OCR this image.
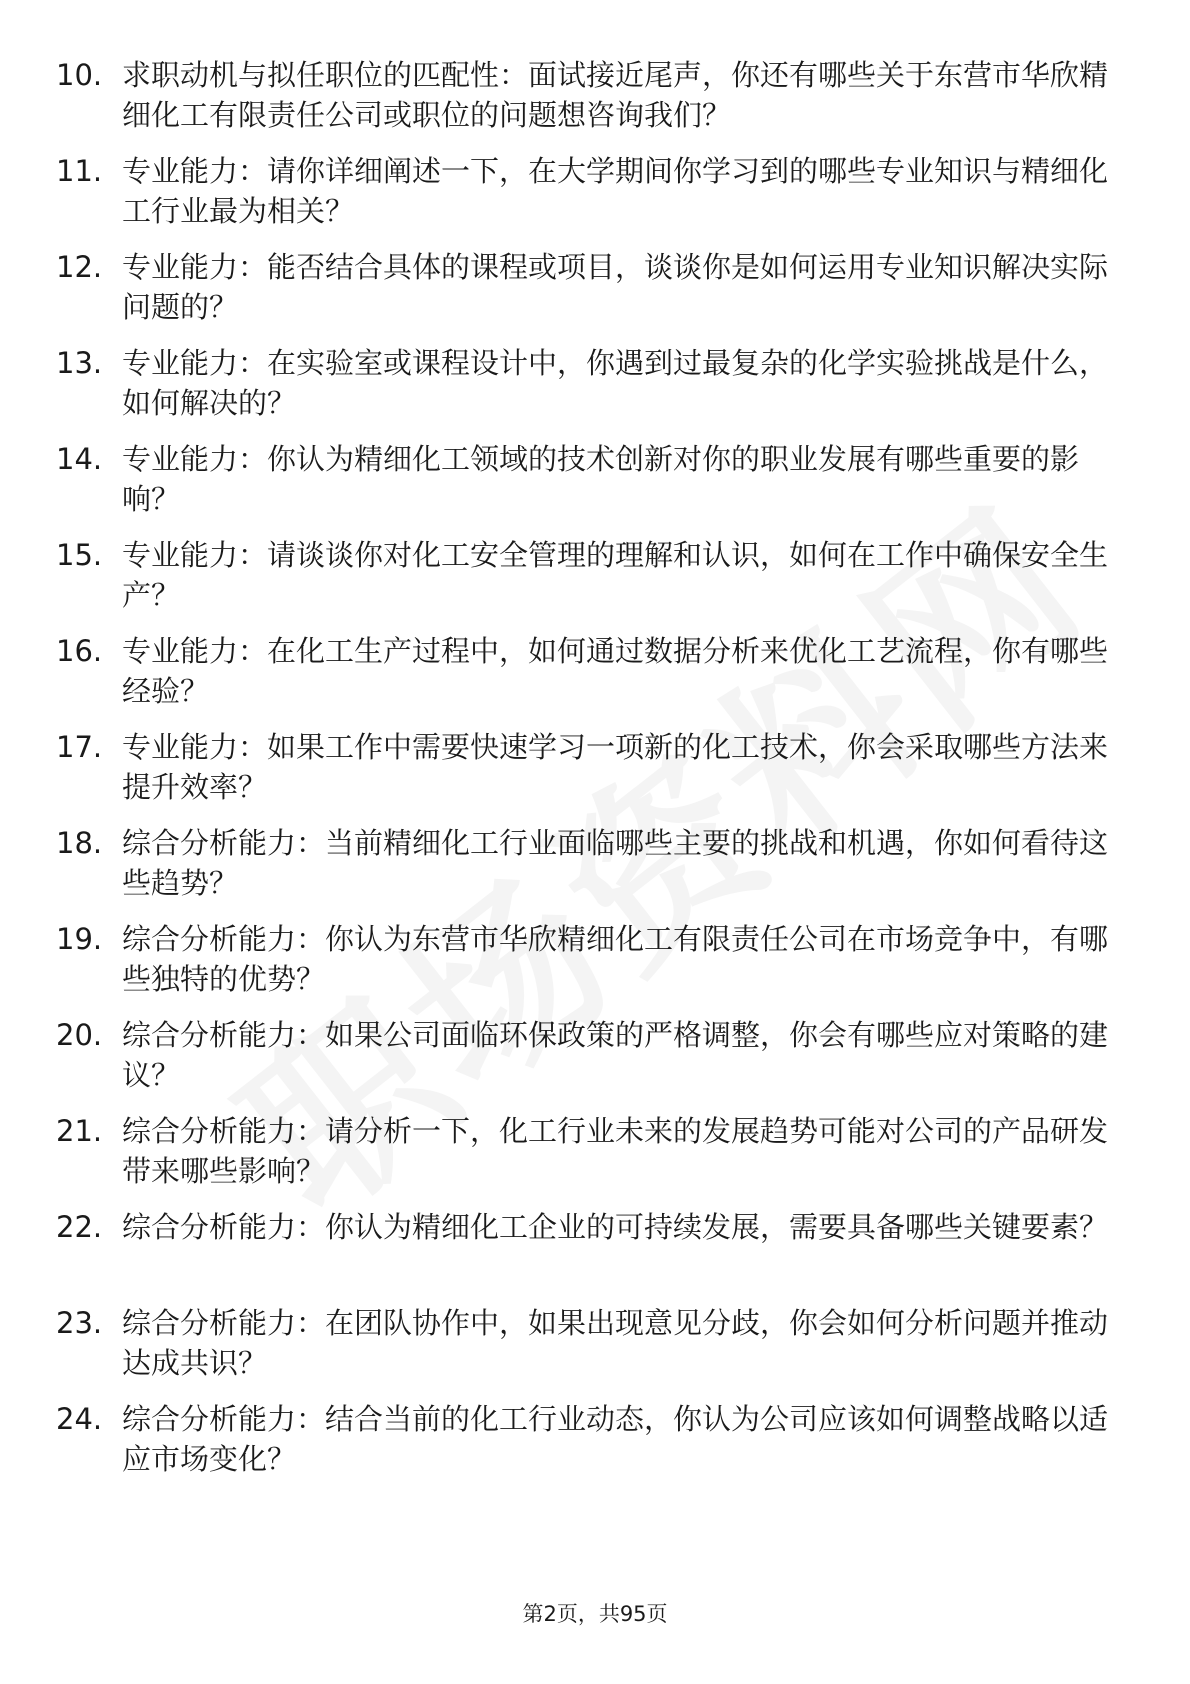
10. 求职动机与拟任职位的匹配性：面试接近尾声，你还有哪些关于东营市华欣精细化工有限责任公司或职位的问题想咨询我们？
11. 专业能力：请你详细阐述一下，在大学期间你学习到的哪些专业知识与精细化工行业最为相关？
12. 专业能力：能否结合具体的课程或项目，谈谈你是如何运用专业知识解决实际问题的？
13. 专业能力：在实验室或课程设计中，你遇到过最复杂的化学实验挑战是什么，如何解决的？
14. 专业能力：你认为精细化工领域的技术创新对你的职业发展有哪些重要的影响？
15. 专业能力：请谈谈你对化工安全管理的理解和认识，如何在工作中确保安全生产？
16. 专业能力：在化工生产过程中，如何通过数据分析来优化工艺流程，你有哪些经验？
17. 专业能力：如果工作中需要快速学习一项新的化工技术，你会采取哪些方法来提升效率？
18. 综合分析能力：当前精细化工行业面临哪些主要的挑战和机遇，你如何看待这些趋势？
19. 综合分析能力：你认为东营市华欣精细化工有限责任公司在市场竞争中，有哪些独特的优势？
20. 综合分析能力：如果公司面临环保政策的严格调整，你会有哪些应对策略的建议？
21. 综合分析能力：请分析一下，化工行业未来的发展趋势可能对公司的产品研发带来哪些影响？
22. 综合分析能力：你认为精细化工企业的可持续发展，需要具备哪些关键要素？
23. 综合分析能力：在团队协作中，如果出现意见分歧，你会如何分析问题并推动达成共识？
24. 综合分析能力：结合当前的化工行业动态，你认为公司应该如何调整战略以适应市场变化？
第2页，共95页
